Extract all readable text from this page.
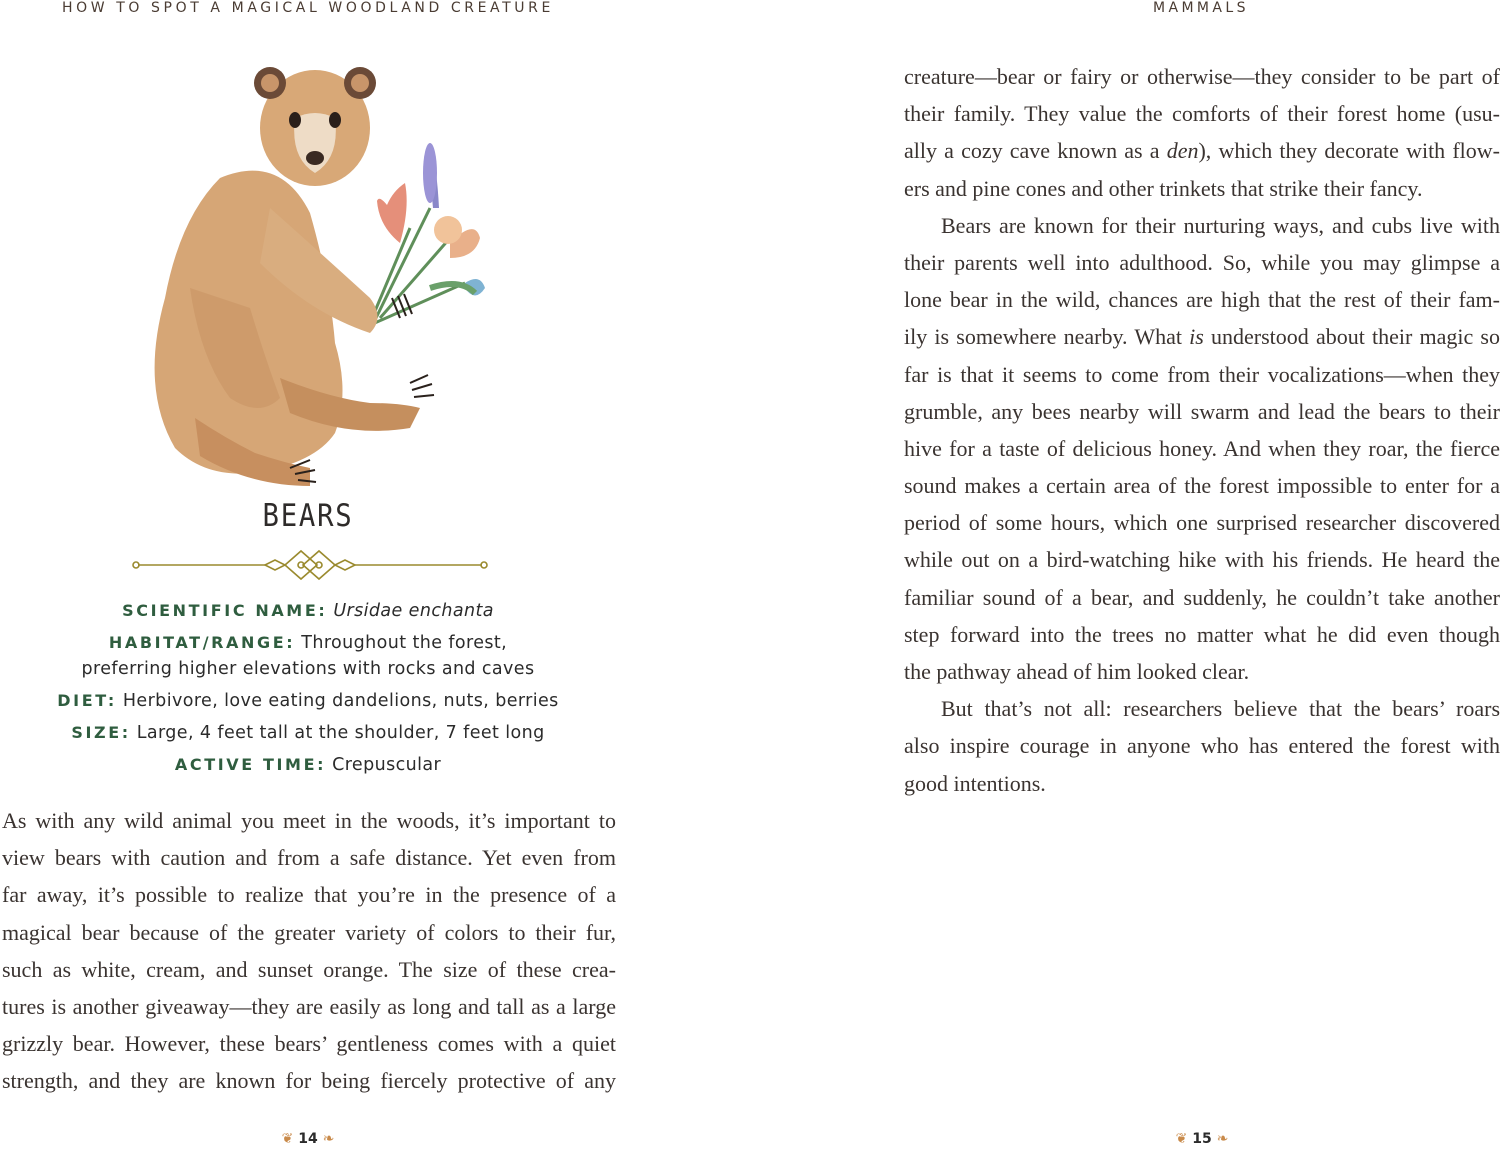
HOW TO SPOT A MAGICAL WOODLAND CREATURE	MAMMALS
BEARS
SCIENTIFIC NAME: Ursidae enchanta
HABITAT/RANGE: Throughout the forest,
preferring higher elevations with rocks and caves
DIET: Herbivore, love eating dandelions, nuts, berries
SIZE: Large, 4 feet tall at the shoulder, 7 feet long
ACTIVE TIME: Crepuscular
As with any wild animal you meet in the woods, it’s important to
view bears with caution and from a safe distance. Yet even from
far away, it’s possible to realize that you’re in the presence of a
magical bear because of the greater variety of colors to their fur,
such as white, cream, and sunset orange. The size of these crea-
tures is another giveaway—they are easily as long and tall as a large
grizzly bear. However, these bears’ gentleness comes with a quiet
strength, and they are known for being fiercely protective of any
creature—bear or fairy or otherwise—they consider to be part of
their family. They value the comforts of their forest home (usu-
ally a cozy cave known as a den), which they decorate with flow-
ers and pine cones and other trinkets that strike their fancy.
Bears are known for their nurturing ways, and cubs live with
their parents well into adulthood. So, while you may glimpse a
lone bear in the wild, chances are high that the rest of their fam-
ily is somewhere nearby. What is understood about their magic so
far is that it seems to come from their vocalizations—when they
grumble, any bees nearby will swarm and lead the bears to their
hive for a taste of delicious honey. And when they roar, the fierce
sound makes a certain area of the forest impossible to enter for a
period of some hours, which one surprised researcher discovered
while out on a bird-watching hike with his friends. He heard the
familiar sound of a bear, and suddenly, he couldn’t take another
step forward into the trees no matter what he did even though
the pathway ahead of him looked clear.
But that’s not all: researchers believe that the bears’ roars
also inspire courage in anyone who has entered the forest with
good intentions.
❦ 14 ❧	❦ 15 ❧
